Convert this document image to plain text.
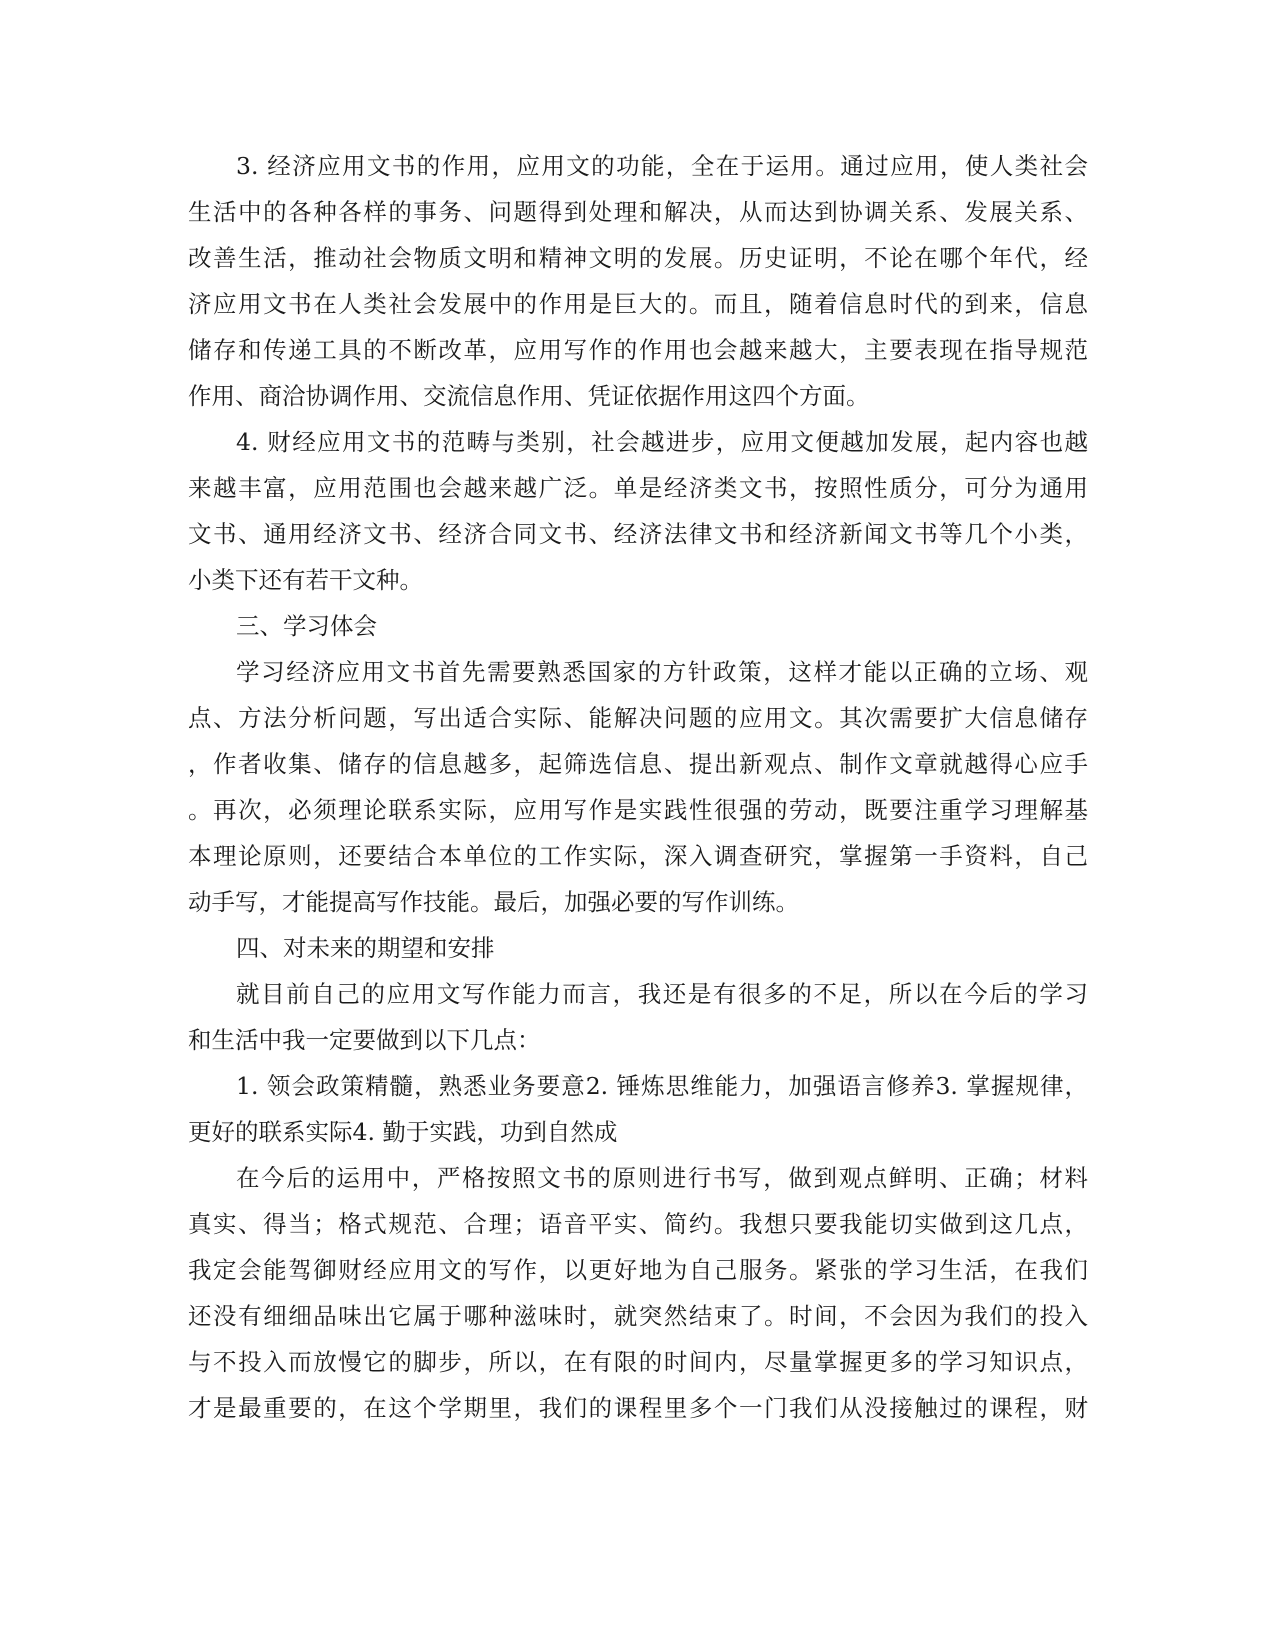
3. 经济应用文书的作用，应用文的功能，全在于运用。通过应用，使人类社会
生活中的各种各样的事务、问题得到处理和解决，从而达到协调关系、发展关系、
改善生活，推动社会物质文明和精神文明的发展。历史证明，不论在哪个年代，经
济应用文书在人类社会发展中的作用是巨大的。而且，随着信息时代的到来，信息
储存和传递工具的不断改革，应用写作的作用也会越来越大，主要表现在指导规范
作用、商洽协调作用、交流信息作用、凭证依据作用这四个方面。
4. 财经应用文书的范畴与类别，社会越进步，应用文便越加发展，起内容也越
来越丰富，应用范围也会越来越广泛。单是经济类文书，按照性质分，可分为通用
文书、通用经济文书、经济合同文书、经济法律文书和经济新闻文书等几个小类，
小类下还有若干文种。
三、学习体会
学习经济应用文书首先需要熟悉国家的方针政策，这样才能以正确的立场、观
点、方法分析问题，写出适合实际、能解决问题的应用文。其次需要扩大信息储存
，作者收集、储存的信息越多，起筛选信息、提出新观点、制作文章就越得心应手
。再次，必须理论联系实际，应用写作是实践性很强的劳动，既要注重学习理解基
本理论原则，还要结合本单位的工作实际，深入调查研究，掌握第一手资料，自己
动手写，才能提高写作技能。最后，加强必要的写作训练。
四、对未来的期望和安排
就目前自己的应用文写作能力而言，我还是有很多的不足，所以在今后的学习
和生活中我一定要做到以下几点：
1. 领会政策精髓，熟悉业务要意2. 锤炼思维能力，加强语言修养3. 掌握规律，
更好的联系实际4. 勤于实践，功到自然成
在今后的运用中，严格按照文书的原则进行书写，做到观点鲜明、正确；材料
真实、得当；格式规范、合理；语音平实、简约。我想只要我能切实做到这几点，
我定会能驾御财经应用文的写作，以更好地为自己服务。紧张的学习生活，在我们
还没有细细品味出它属于哪种滋味时，就突然结束了。时间，不会因为我们的投入
与不投入而放慢它的脚步，所以，在有限的时间内，尽量掌握更多的学习知识点，
才是最重要的，在这个学期里，我们的课程里多个一门我们从没接触过的课程，财
